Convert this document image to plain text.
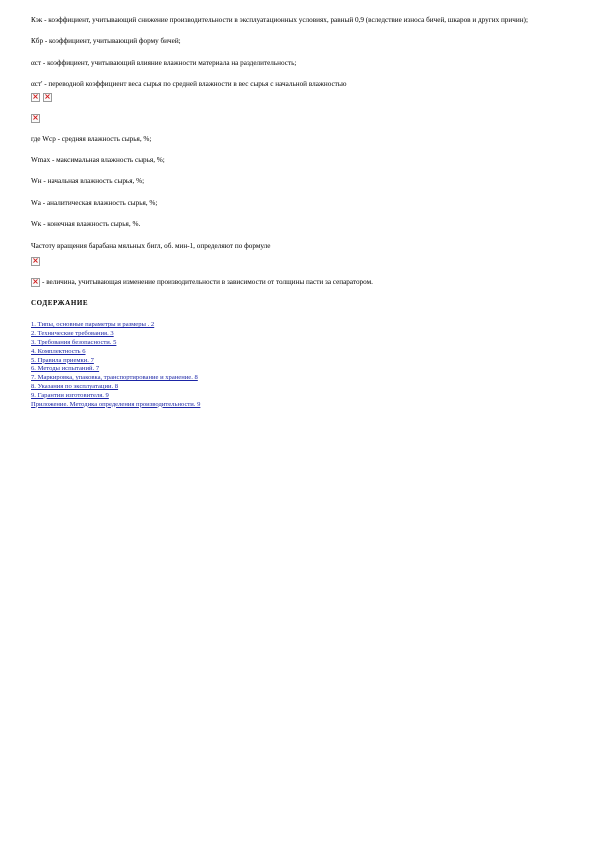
Кэк - коэффициент, учитывающий снижение производительности в эксплуатационных условиях, равный 0,9 (вследствие износа бичей, шкаров и других причин);

Кбр - коэффициент, учитывающий форму бичей;

αст - коэффициент, учитывающий влияние влажности материала на разделительность;

αст' - переводной коэффициент веса сырья по средней влажности в вес сырья с начальной влажностью

×
×
×

где Wср - средняя влажность сырья, %;

Wmax - максимальная влажность сырья, %;

Wн - начальная влажность сырья, %;

Wа - аналитическая влажность сырья, %;

Wк - конечная влажность сырья, %.

Частоту вращения барабана мяльных бигл, об. мин-1, определяют по формуле

×
×
- величина, учитывающая изменение производительности в зависимости от толщины пасти за сепаратором.
СОДЕРЖАНИЕ
1. Типы, основные параметры и размеры . 2
2. Технические требования. 3
3. Требования безопасности. 5
4. Комплектность 6
5. Правила приемки. 7
6. Методы испытаний. 7
7. Маркировка, упаковка, транспортирование и хранение. 8
8. Указания по эксплуатации. 8
9. Гарантии изготовителя. 9
Приложение. Методика определения производительности. 9
